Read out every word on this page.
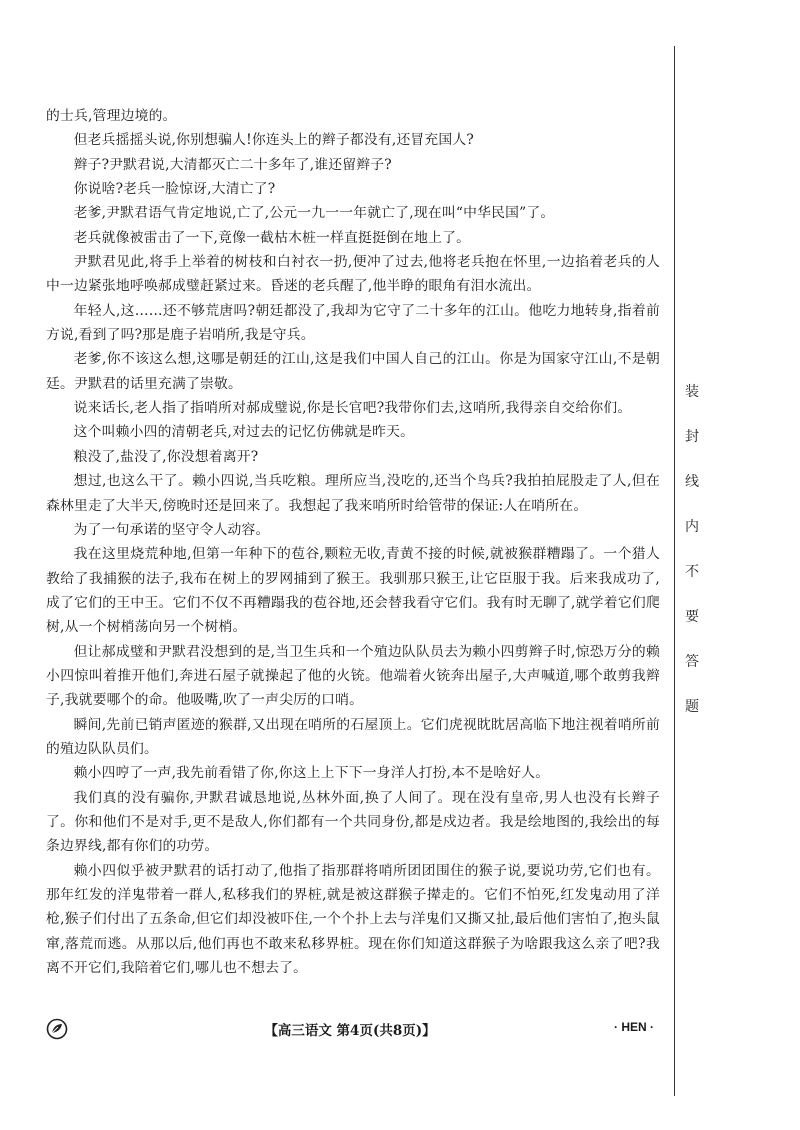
的士兵,管理边境的。

但老兵摇摇头说,你别想骗人!你连头上的辫子都没有,还冒充国人?

辫子?尹默君说,大清都灭亡二十多年了,谁还留辫子?

你说啥?老兵一脸惊讶,大清亡了?

老爹,尹默君语气肯定地说,亡了,公元一九一一年就亡了,现在叫“中华民国”了。

老兵就像被雷击了一下,竟像一截枯木桩一样直挺挺倒在地上了。

尹默君见此,将手上举着的树枝和白衬衣一扔,便冲了过去,他将老兵抱在怀里,一边掐着老兵的人中一边紧张地呼唤郝成璧赶紧过来。昏迷的老兵醒了,他半睁的眼角有泪水流出。

年轻人,这……还不够荒唐吗?朝廷都没了,我却为它守了二十多年的江山。他吃力地转身,指着前方说,看到了吗?那是鹿子岩哨所,我是守兵。

老爹,你不该这么想,这哪是朝廷的江山,这是我们中国人自己的江山。你是为国家守江山,不是朝廷。尹默君的话里充满了崇敬。

说来话长,老人指了指哨所对郝成璧说,你是长官吧?我带你们去,这哨所,我得亲自交给你们。

这个叫赖小四的清朝老兵,对过去的记忆仿佛就是昨天。

粮没了,盐没了,你没想着离开?

想过,也这么干了。赖小四说,当兵吃粮。理所应当,没吃的,还当个鸟兵?我拍拍屁股走了人,但在森林里走了大半天,傍晚时还是回来了。我想起了我来哨所时给管带的保证:人在哨所在。

为了一句承诺的坚守令人动容。

我在这里烧荒种地,但第一年种下的苞谷,颗粒无收,青黄不接的时候,就被猴群糟蹋了。一个猎人教给了我捕猴的法子,我布在树上的罗网捕到了猴王。我驯那只猴王,让它臣服于我。后来我成功了,成了它们的王中王。它们不仅不再糟蹋我的苞谷地,还会替我看守它们。我有时无聊了,就学着它们爬树,从一个树梢荡向另一个树梢。

但让郝成璧和尹默君没想到的是,当卫生兵和一个殖边队队员去为赖小四剪辫子时,惊恐万分的赖小四惊叫着推开他们,奔进石屋子就操起了他的火铳。他端着火铳奔出屋子,大声喊道,哪个敢剪我辫子,我就要哪个的命。他吸嘴,吹了一声尖厉的口哨。

瞬间,先前已销声匿迹的猴群,又出现在哨所的石屋顶上。它们虎视眈眈居高临下地注视着哨所前的殖边队队员们。

赖小四哼了一声,我先前看错了你,你这上上下下一身洋人打扮,本不是啥好人。

我们真的没有骗你,尹默君诚恳地说,丛林外面,换了人间了。现在没有皇帝,男人也没有长辫子了。你和他们不是对手,更不是敌人,你们都有一个共同身份,都是戍边者。我是绘地图的,我绘出的每条边界线,都有你们的功劳。

赖小四似乎被尹默君的话打动了,他指了指那群将哨所团团围住的猴子说,要说功劳,它们也有。那年红发的洋鬼带着一群人,私移我们的界桩,就是被这群猴子撵走的。它们不怕死,红发鬼动用了洋枪,猴子们付出了五条命,但它们却没被吓住,一个个扑上去与洋鬼们又撕又扯,最后他们害怕了,抱头鼠窜,落荒而逃。从那以后,他们再也不敢来私移界桩。现在你们知道这群猴子为啥跟我这么亲了吧?我离不开它们,我陪着它们,哪儿也不想去了。

装
封
线
内
不
要
答
题
【高三语文 第4页(共8页)】	· HEN ·
